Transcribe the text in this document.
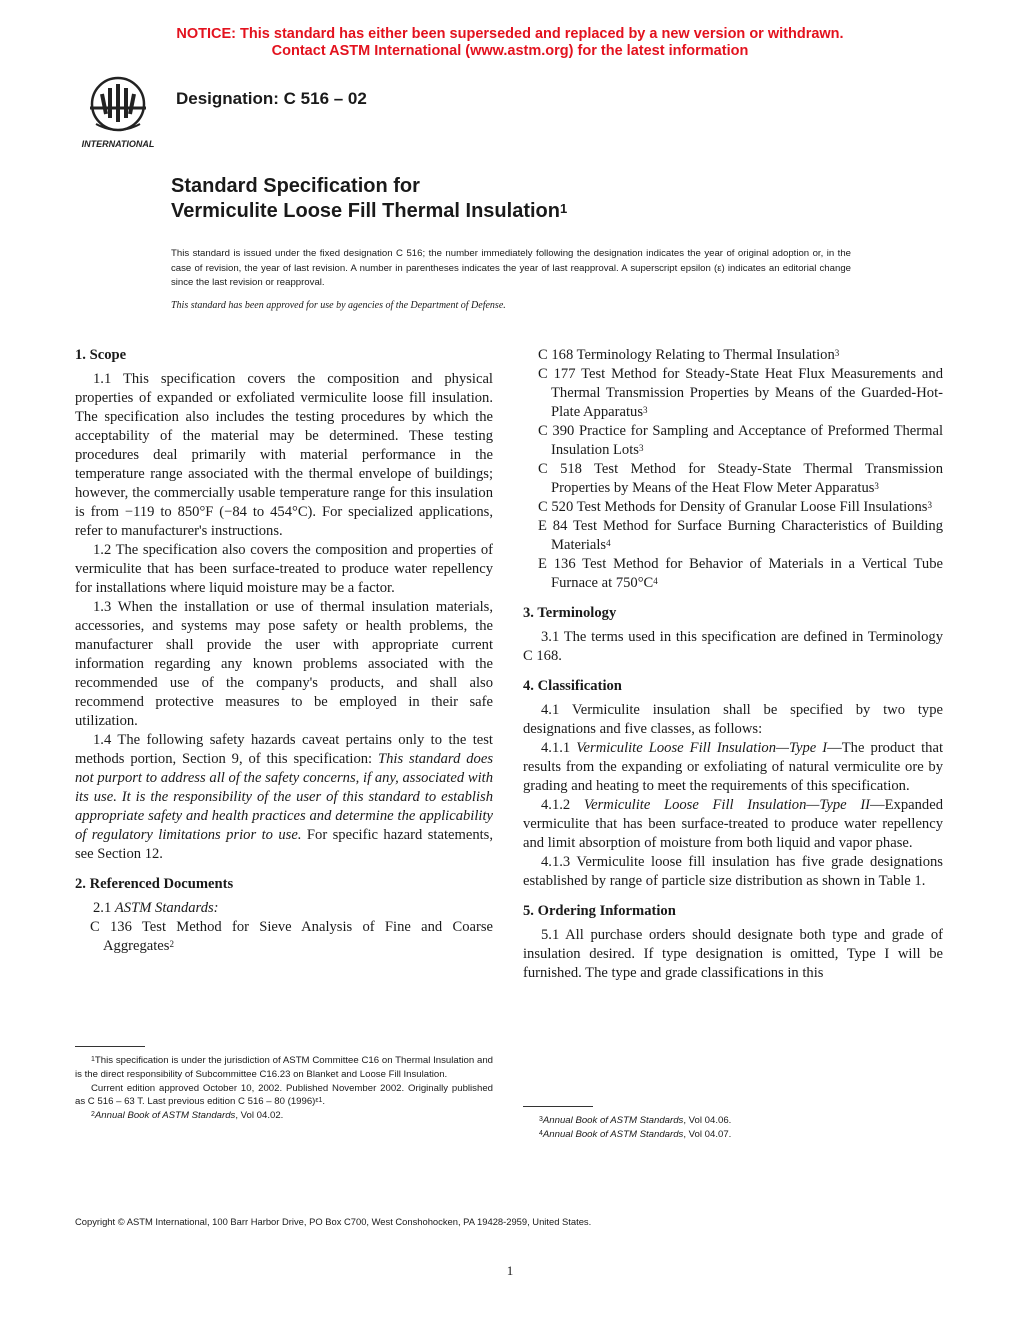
NOTICE: This standard has either been superseded and replaced by a new version or withdrawn.
Contact ASTM International (www.astm.org) for the latest information
INTERNATIONAL
Designation: C 516 – 02
Standard Specification for
Vermiculite Loose Fill Thermal Insulation$^1$
This standard is issued under the fixed designation C 516; the number immediately following the designation indicates the year of original adoption or, in the case of revision, the year of last revision. A number in parentheses indicates the year of last reapproval. A superscript epsilon (ε) indicates an editorial change since the last revision or reapproval.
This standard has been approved for use by agencies of the Department of Defense.
1. Scope

1.1 This specification covers the composition and physical properties of expanded or exfoliated vermiculite loose fill insulation. The specification also includes the testing procedures by which the acceptability of the material may be determined. These testing procedures deal primarily with material performance in the temperature range associated with the thermal envelope of buildings; however, the commercially usable temperature range for this insulation is from −119 to 850°F (−84 to 454°C). For specialized applications, refer to manufacturer's instructions.

1.2 The specification also covers the composition and properties of vermiculite that has been surface-treated to produce water repellency for installations where liquid moisture may be a factor.

1.3 When the installation or use of thermal insulation materials, accessories, and systems may pose safety or health problems, the manufacturer shall provide the user with appropriate current information regarding any known problems associated with the recommended use of the company's products, and shall also recommend protective measures to be employed in their safe utilization.

1.4 The following safety hazards caveat pertains only to the test methods portion, Section 9, of this specification: This standard does not purport to address all of the safety concerns, if any, associated with its use. It is the responsibility of the user of this standard to establish appropriate safety and health practices and determine the applicability of regulatory limitations prior to use. For specific hazard statements, see Section 12.

2. Referenced Documents

2.1 ASTM Standards:

C 136 Test Method for Sieve Analysis of Fine and Coarse Aggregates$^2$
C 168 Terminology Relating to Thermal Insulation$^3$
C 177 Test Method for Steady-State Heat Flux Measurements and Thermal Transmission Properties by Means of the Guarded-Hot-Plate Apparatus$^3$
C 390 Practice for Sampling and Acceptance of Preformed Thermal Insulation Lots$^3$
C 518 Test Method for Steady-State Thermal Transmission Properties by Means of the Heat Flow Meter Apparatus$^3$
C 520 Test Methods for Density of Granular Loose Fill Insulations$^3$
E 84 Test Method for Surface Burning Characteristics of Building Materials$^4$
E 136 Test Method for Behavior of Materials in a Vertical Tube Furnace at 750°C$^4$
3. Terminology

3.1 The terms used in this specification are defined in Terminology C 168.

4. Classification

4.1 Vermiculite insulation shall be specified by two type designations and five classes, as follows:

4.1.1 Vermiculite Loose Fill Insulation—Type I—The product that results from the expanding or exfoliating of natural vermiculite ore by grading and heating to meet the requirements of this specification.

4.1.2 Vermiculite Loose Fill Insulation—Type II—Expanded vermiculite that has been surface-treated to produce water repellency and limit absorption of moisture from both liquid and vapor phase.

4.1.3 Vermiculite loose fill insulation has five grade designations established by range of particle size distribution as shown in Table 1.

5. Ordering Information

5.1 All purchase orders should designate both type and grade of insulation desired. If type designation is omitted, Type I will be furnished. The type and grade classifications in this

$^1$This specification is under the jurisdiction of ASTM Committee C16 on Thermal Insulation and is the direct responsibility of Subcommittee C16.23 on Blanket and Loose Fill Insulation.

Current edition approved October 10, 2002. Published November 2002. Originally published as C 516 – 63 T. Last previous edition C 516 – 80 $(1996)^{\varepsilon 1}$.

$^2$Annual Book of ASTM Standards, Vol 04.02.	$^3$Annual Book of ASTM Standards, Vol 04.06.

$^4$Annual Book of ASTM Standards, Vol 04.07.

Copyright © ASTM International, 100 Barr Harbor Drive, PO Box C700, West Conshohocken, PA 19428-2959, United States.
1
